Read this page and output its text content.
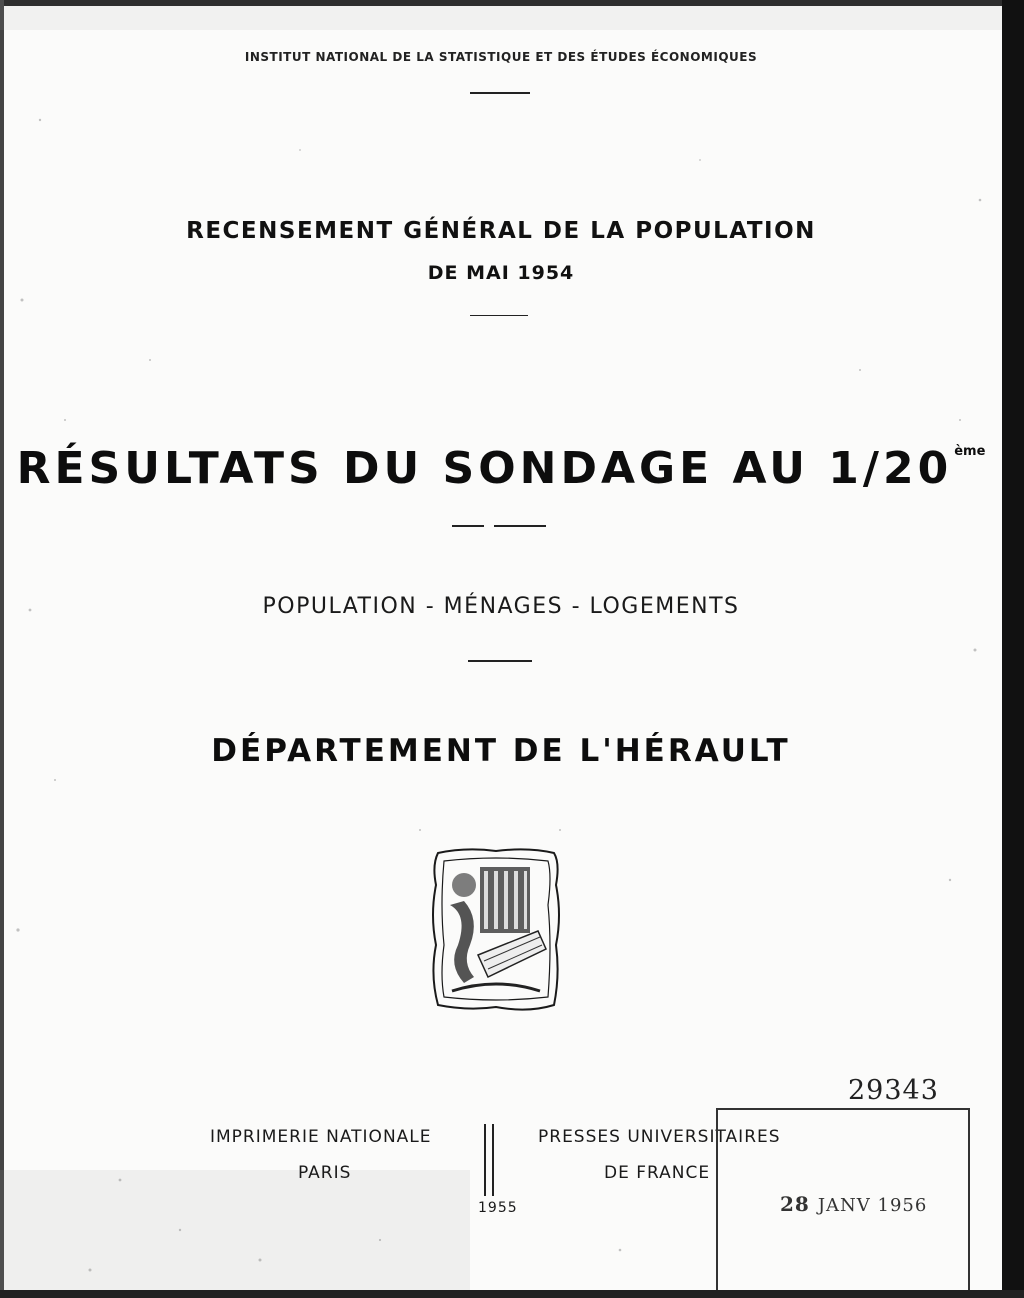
INSTITUT NATIONAL DE LA STATISTIQUE ET DES ÉTUDES ÉCONOMIQUES
RECENSEMENT GÉNÉRAL DE LA POPULATION
DE MAI 1954
RÉSULTATS DU SONDAGE AU 1/20 $^{ème}$
POPULATION - MÉNAGES - LOGEMENTS
DÉPARTEMENT DE L'HÉRAULT
IMPRIMERIE NATIONALE
PARIS
PRESSES UNIVERSITAIRES
DE FRANCE
1955
29343
28 JANV 1956
